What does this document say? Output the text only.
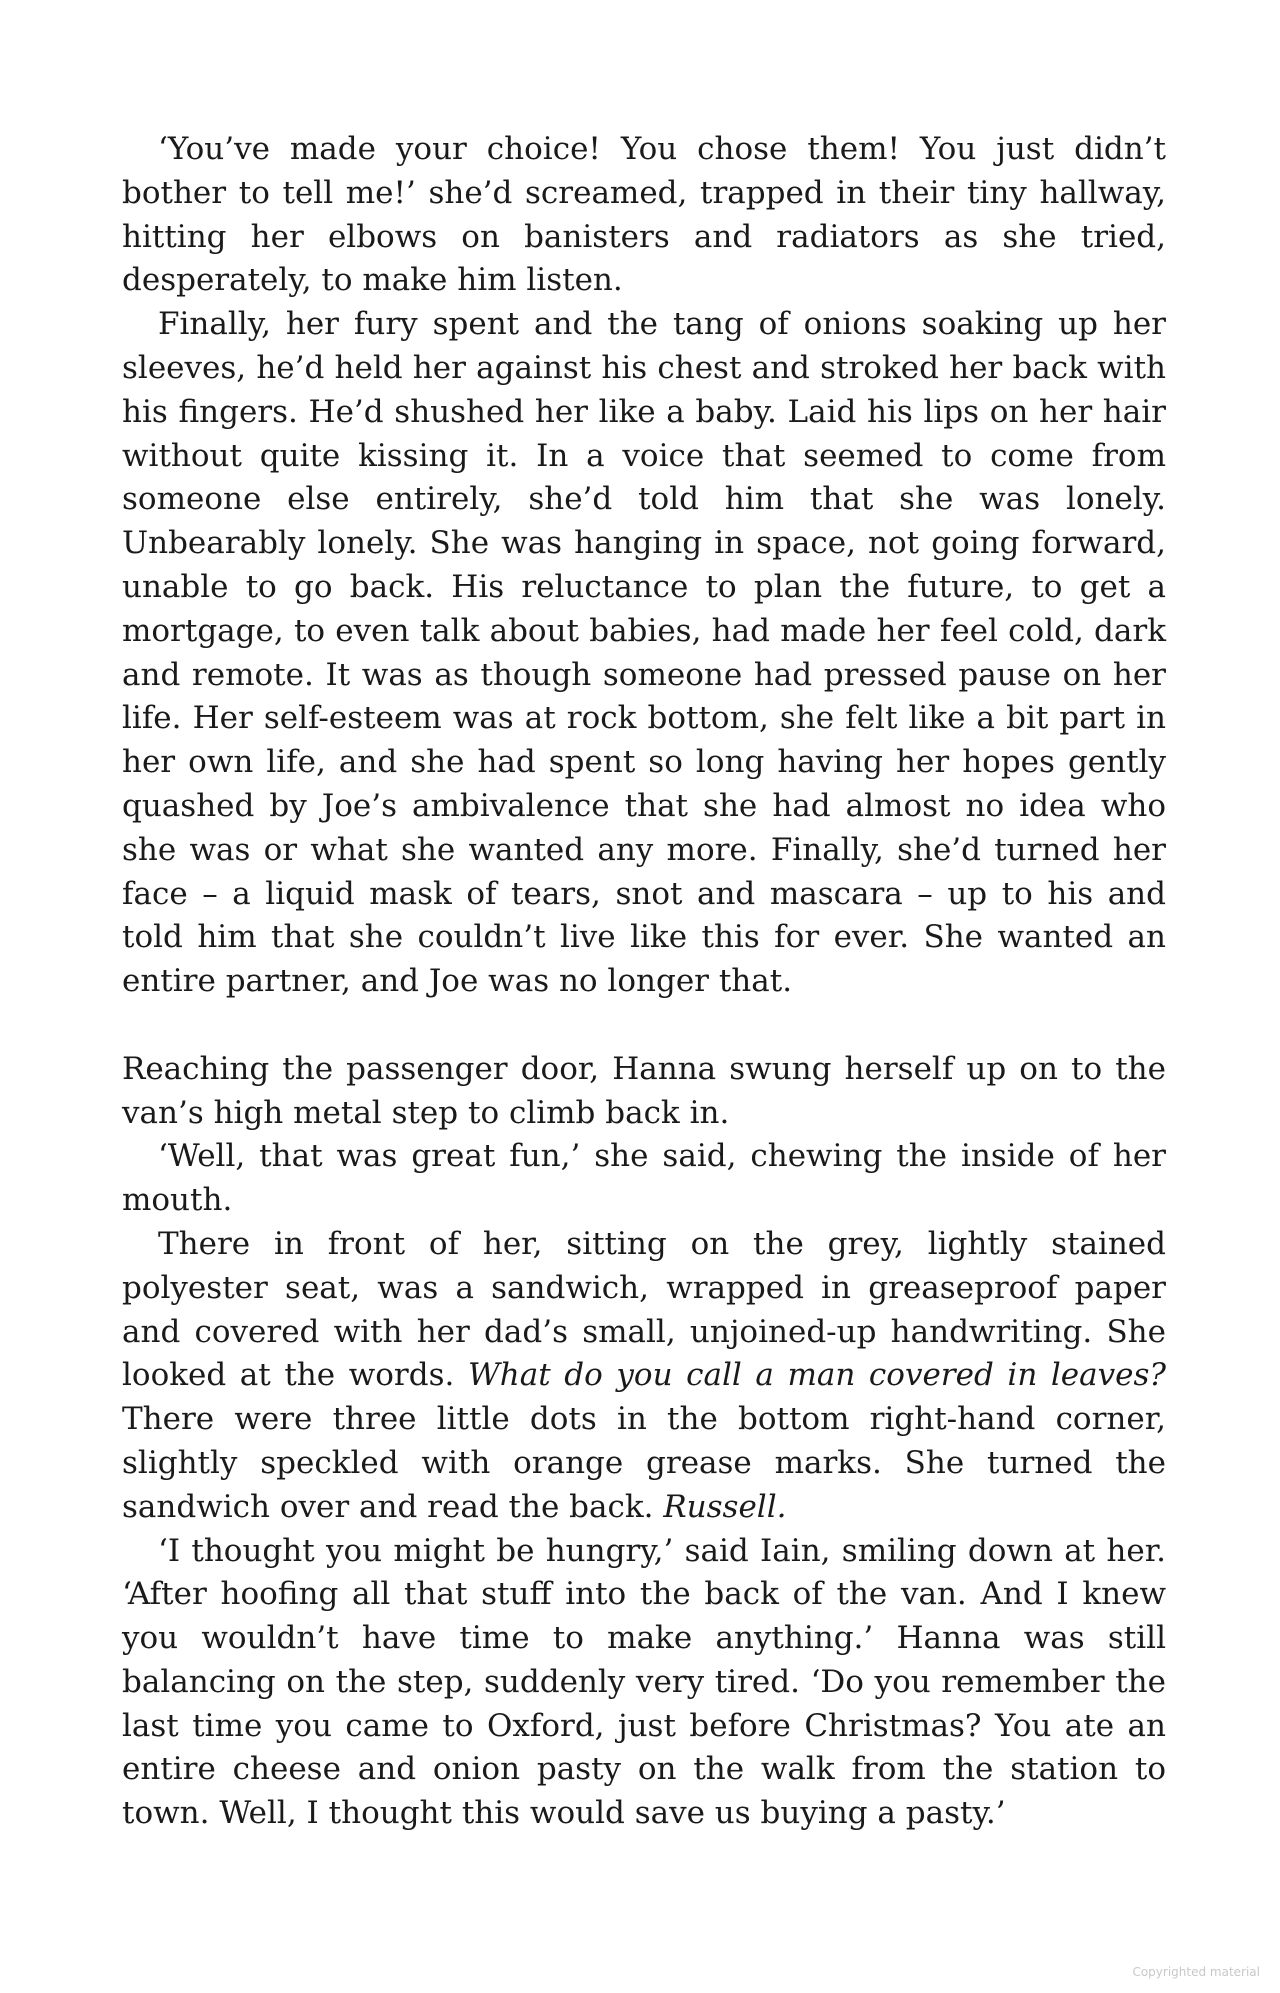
‘You’ve made your choice! You chose them! You just didn’t bother to tell me!’ she’d screamed, trapped in their tiny hallway, hitting her elbows on banisters and radiators as she tried, desperately, to make him listen.

Finally, her fury spent and the tang of onions soaking up her sleeves, he’d held her against his chest and stroked her back with his fingers. He’d shushed her like a baby. Laid his lips on her hair without quite kissing it. In a voice that seemed to come from someone else entirely, she’d told him that she was lonely. Unbearably lonely. She was hanging in space, not going forward, unable to go back. His reluctance to plan the future, to get a mortgage, to even talk about babies, had made her feel cold, dark and remote. It was as though someone had pressed pause on her life. Her self-esteem was at rock bottom, she felt like a bit part in her own life, and she had spent so long having her hopes gently quashed by Joe’s ambivalence that she had almost no idea who she was or what she wanted any more. Finally, she’d turned her face – a liquid mask of tears, snot and mascara – up to his and told him that she couldn’t live like this for ever. She wanted an entire partner, and Joe was no longer that.

Reaching the passenger door, Hanna swung herself up on to the van’s high metal step to climb back in.

‘Well, that was great fun,’ she said, chewing the inside of her mouth.

There in front of her, sitting on the grey, lightly stained polyester seat, was a sandwich, wrapped in greaseproof paper and covered with her dad’s small, unjoined-up handwriting. She looked at the words. What do you call a man covered in leaves? There were three little dots in the bottom right-hand corner, slightly speckled with orange grease marks. She turned the sandwich over and read the back. Russell.

‘I thought you might be hungry,’ said Iain, smiling down at her. ‘After hoofing all that stuff into the back of the van. And I knew you wouldn’t have time to make anything.’ Hanna was still balancing on the step, suddenly very tired. ‘Do you remember the last time you came to Oxford, just before Christmas? You ate an entire cheese and onion pasty on the walk from the station to town. Well, I thought this would save us buying a pasty.’

Copyrighted material
